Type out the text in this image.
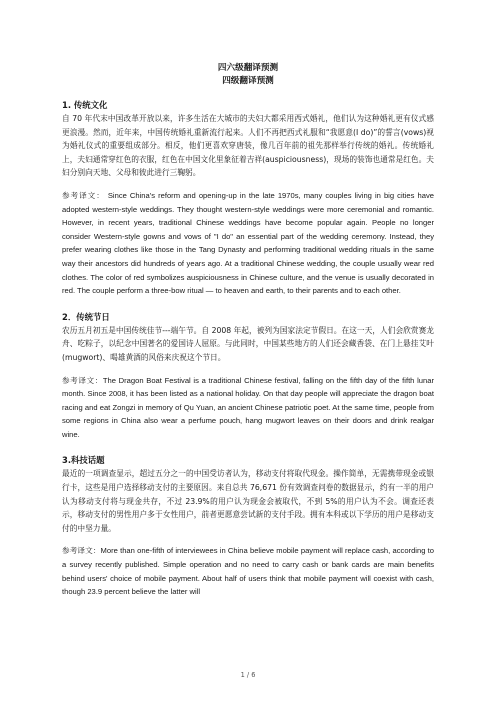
四六级翻译预测
四级翻译预测
1. 传统文化

自 70 年代末中国改革开放以来，许多生活在大城市的夫妇大都采用西式婚礼，他们认为这种婚礼更有仪式感更浪漫。然而，近年来，中国传统婚礼重新流行起来。人们不再把西式礼服和“我愿意(I do)”的誓言(vows)视为婚礼仪式的重要组成部分。相反，他们更喜欢穿唐装，像几百年前的祖先那样举行传统的婚礼。传统婚礼上，夫妇通常穿红色的衣服，红色在中国文化里象征着吉祥(auspiciousness)，现场的装饰也通常是红色。夫妇分别向天地、父母和彼此进行三鞠躬。

参考译文： Since China's reform and opening-up in the late 1970s, many couples living in big cities have adopted western-style weddings. They thought western-style weddings were more ceremonial and romantic. However, in recent years, traditional Chinese weddings have become popular again. People no longer consider Western-style gowns and vows of "I do" an essential part of the wedding ceremony. Instead, they prefer wearing clothes like those in the Tang Dynasty and performing traditional wedding rituals in the same way their ancestors did hundreds of years ago. At a traditional Chinese wedding, the couple usually wear red clothes. The color of red symbolizes auspiciousness in Chinese culture, and the venue is usually decorated in red. The couple perform a three-bow ritual — to heaven and earth, to their parents and to each other.

2．传统节日

农历五月初五是中国传统佳节---端午节。自 2008 年起，被列为国家法定节假日。在这一天，人们会欣赏赛龙舟、吃粽子，以纪念中国著名的爱国诗人屈原。与此同时，中国某些地方的人们还会藏香袋、在门上悬挂艾叶 (mugwort)、喝雄黄酒的风俗来庆祝这个节日。

参考译文：The Dragon Boat Festival is a traditional Chinese festival, falling on the fifth day of the fifth lunar month. Since 2008, it has been listed as a national holiday. On that day people will appreciate the dragon boat racing and eat Zongzi in memory of Qu Yuan, an ancient Chinese patriotic poet. At the same time, people from some regions in China also wear a perfume pouch, hang mugwort leaves on their doors and drink realgar wine.

3.科技话题

最近的一项调查显示，超过五分之一的中国受访者认为，移动支付将取代现金。操作简单，无需携带现金或银行卡，这些是用户选择移动支付的主要原因。来自总共 76,671 份有效调查问卷的数据显示，约有一半的用户认为移动支付将与现金共存，不过 23.9%的用户认为现金会被取代，不到 5%的用户认为不会。调查还表示，移动支付的男性用户多于女性用户，前者更愿意尝试新的支付手段。拥有本科或以下学历的用户是移动支付的中坚力量。

参考译文：More than one-fifth of interviewees in China believe mobile payment will replace cash, according to a survey recently published. Simple operation and no need to carry cash or bank cards are main benefits behind users' choice of mobile payment. About half of users think that mobile payment will coexist with cash, though 23.9 percent believe the latter will

1 / 6
